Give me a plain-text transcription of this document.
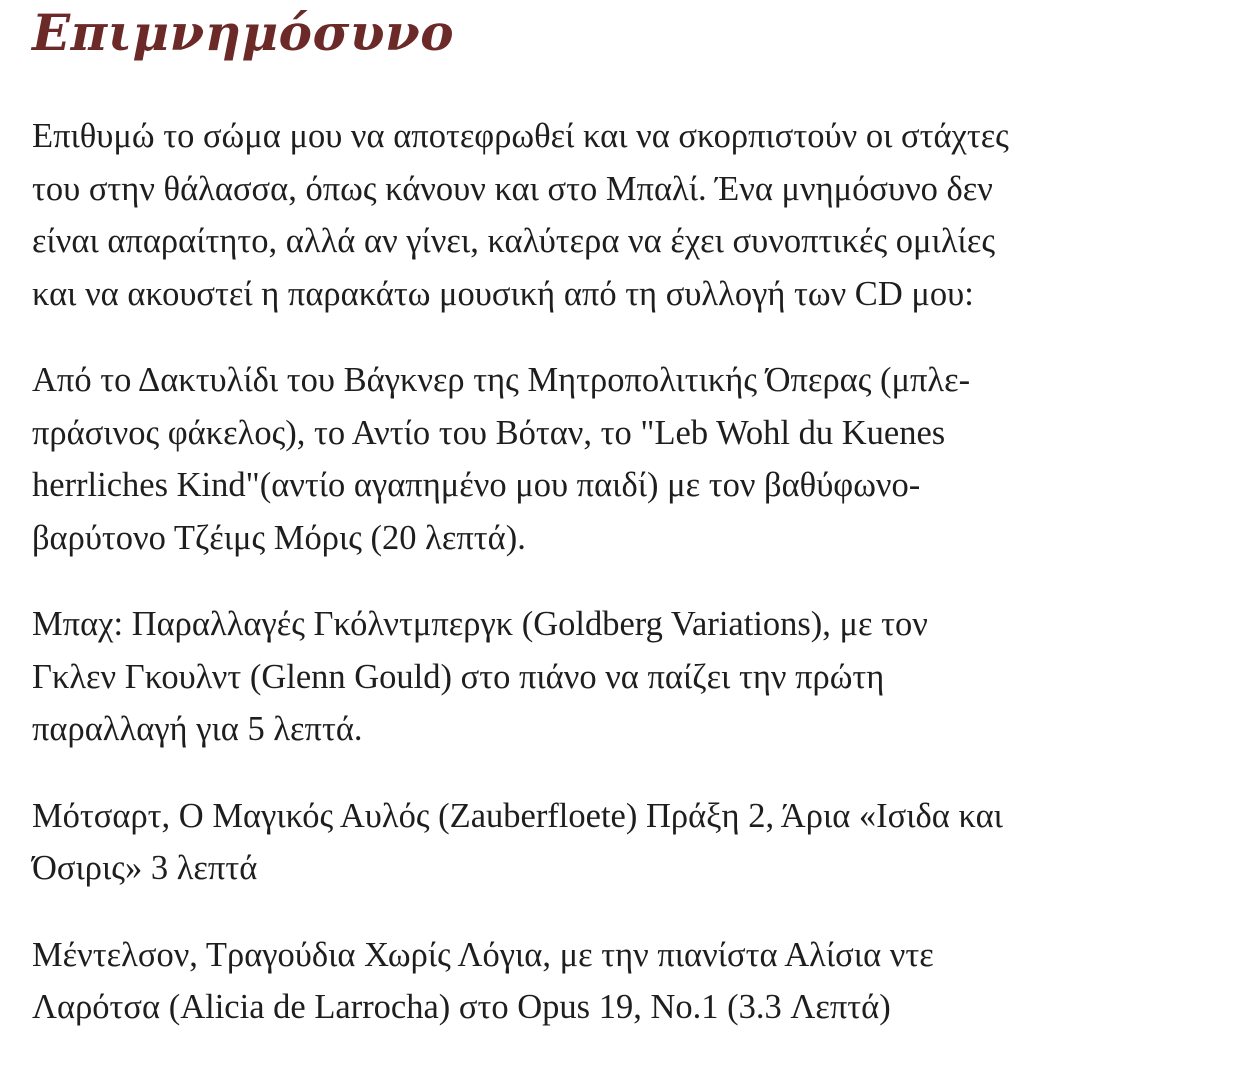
Επιμνημόσυνο

Επιθυμώ το σώμα μου να αποτεφρωθεί και να σκορπιστούν οι στάχτες
του στην θάλασσα, όπως κάνουν και στο Μπαλί. Ένα μνημόσυνο δεν
είναι απαραίτητο, αλλά αν γίνει, καλύτερα να έχει συνοπτικές ομιλίες
και να ακουστεί η παρακάτω μουσική από τη συλλογή των CD μου:

Από το Δακτυλίδι του Βάγκνερ της Μητροπολιτικής Όπερας (μπλε-
πράσινος φάκελος), το Αντίο του Βόταν, το "Leb Wohl du Kuenes
herrliches Kind"(αντίο αγαπημένο μου παιδί) με τον βαθύφωνο-
βαρύτονο Τζέιμς Μόρις (20 λεπτά).

Μπαχ: Παραλλαγές Γκόλντμπεργκ (Goldberg Variations), με τον
Γκλεν Γκουλντ (Glenn Gould) στο πιάνο να παίζει την πρώτη
παραλλαγή για 5 λεπτά.

Μότσαρτ, Ο Μαγικός Αυλός (Zauberfloete) Πράξη 2, Άρια «Ισιδα και
Όσιρις» 3 λεπτά

Μέντελσον, Τραγούδια Χωρίς Λόγια, με την πιανίστα Αλίσια ντε
Λαρότσα (Alicia de Larrocha) στο Opus 19, No.1 (3.3 Λεπτά)
